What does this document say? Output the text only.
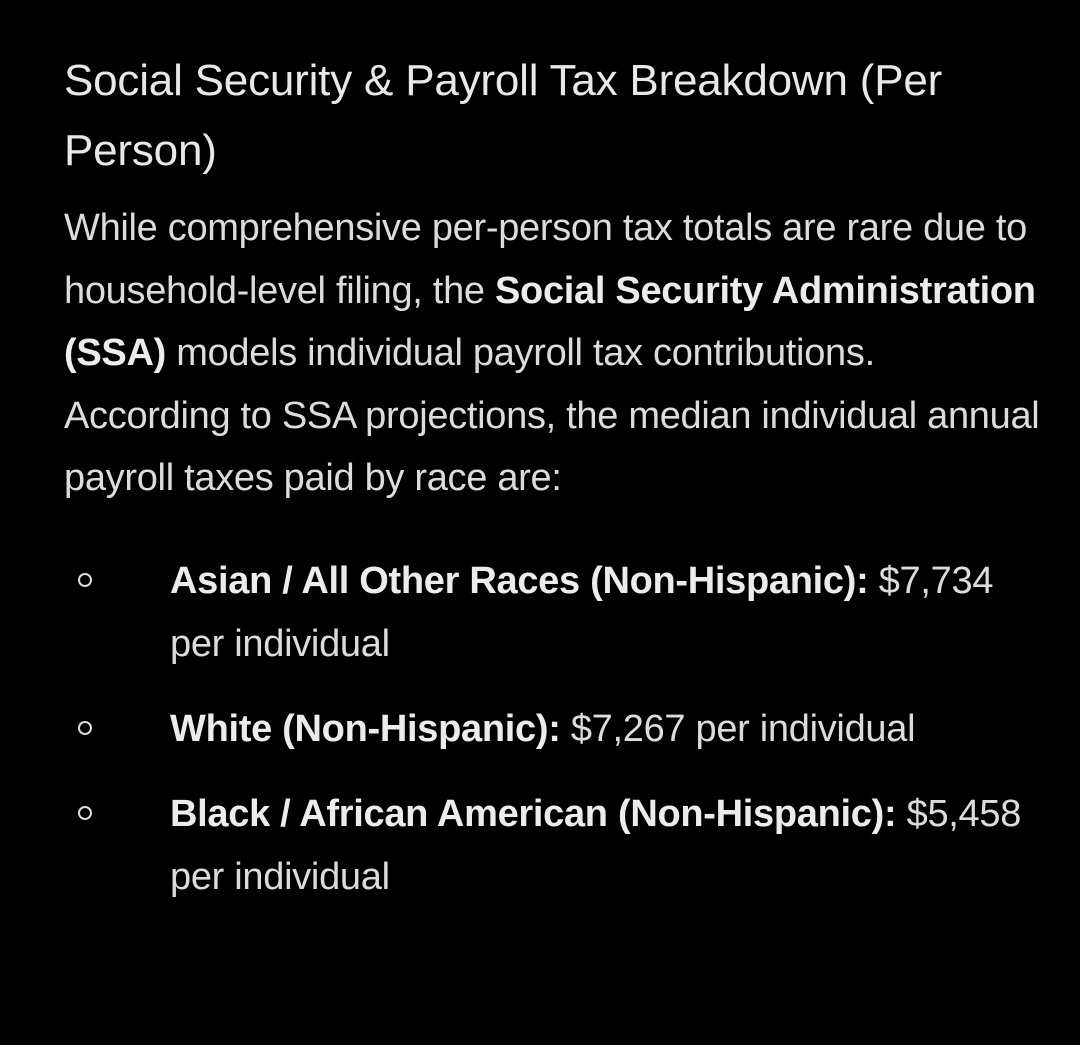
Social Security & Payroll Tax Breakdown (Per Person)

While comprehensive per-person tax totals are rare due to household-level filing, the Social Security Administration (SSA) models individual payroll tax contributions. According to SSA projections, the median individual annual payroll taxes paid by race are:

Asian / All Other Races (Non-Hispanic): $7,734 per individual
White (Non-Hispanic): $7,267 per individual
Black / African American (Non-Hispanic): $5,458 per individual
